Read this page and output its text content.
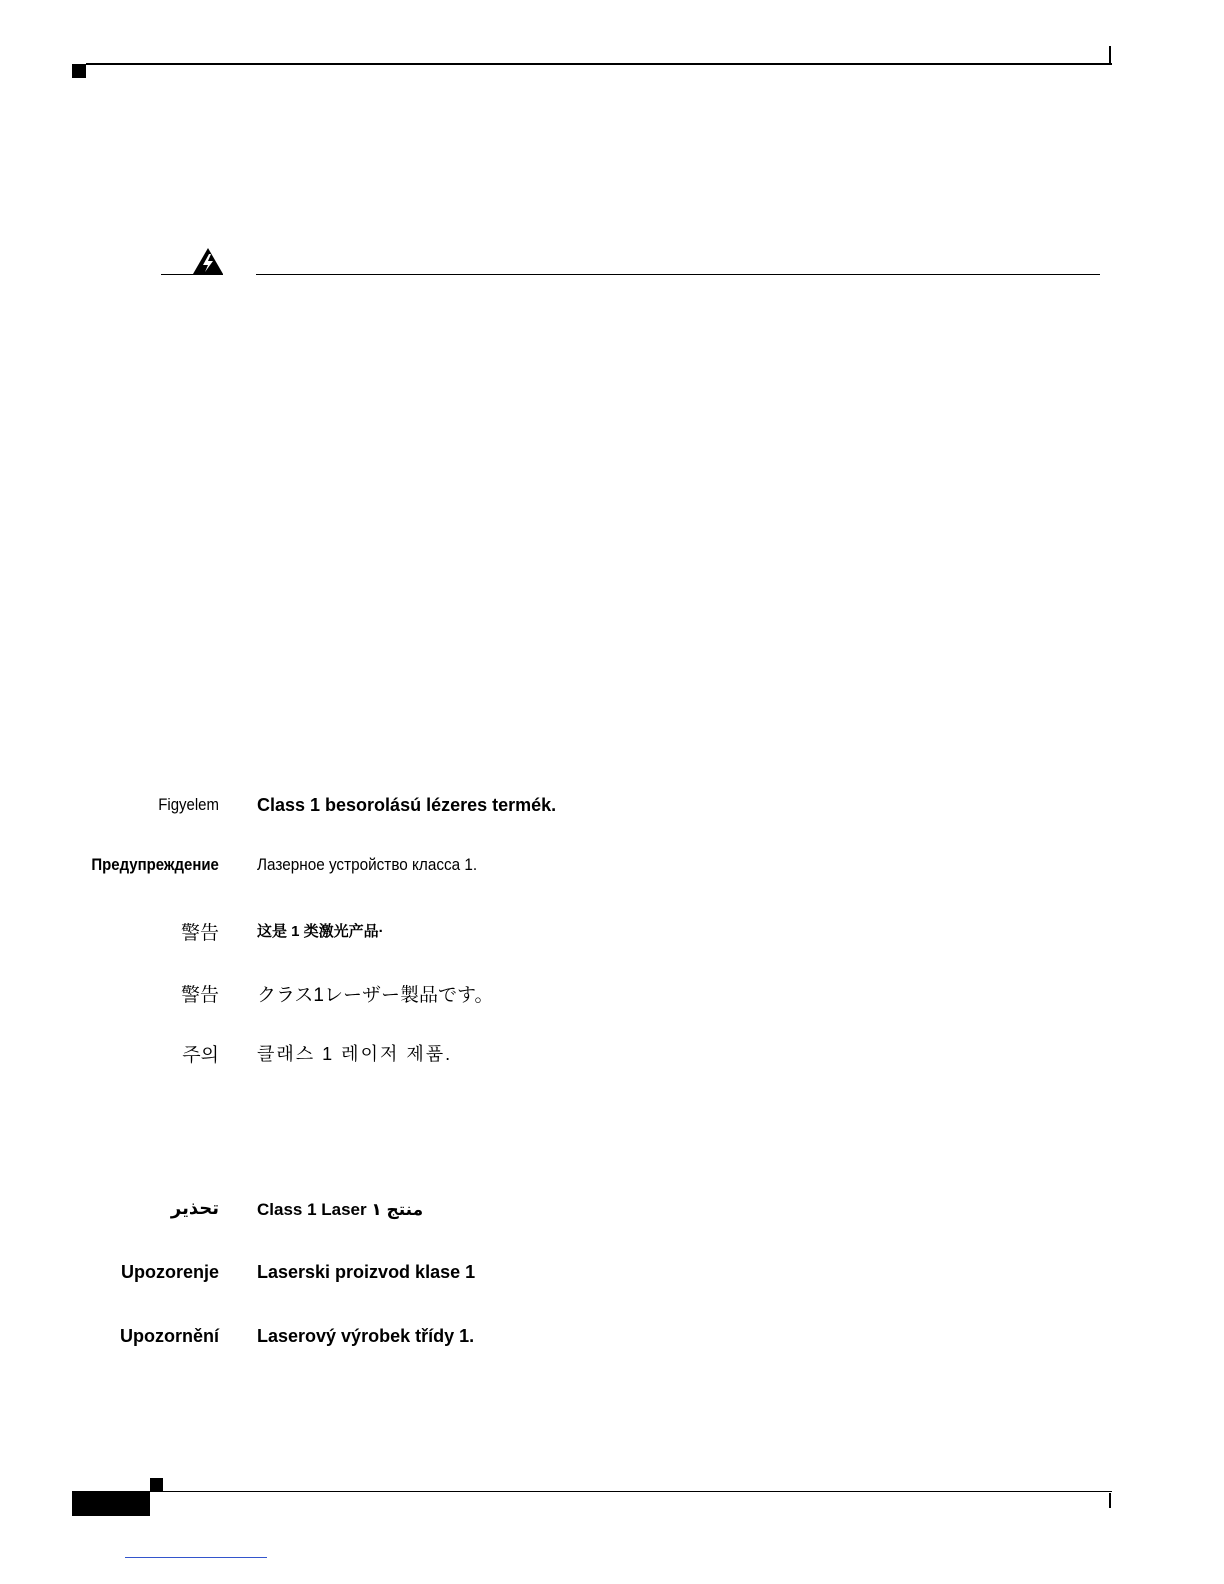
Figyelem Class 1 besorolású lézeres termék.
Предупреждение Лазерное устройство класса 1.
警告	这是 1 类激光产品·
警告 クラス1レーザー製品です。
주의 클래스 1 레이저 제품.
تحذير Class 1 Laser منتج ١
Upozorenje Laserski proizvod klase 1
Upozornění Laserový výrobek třídy 1.
